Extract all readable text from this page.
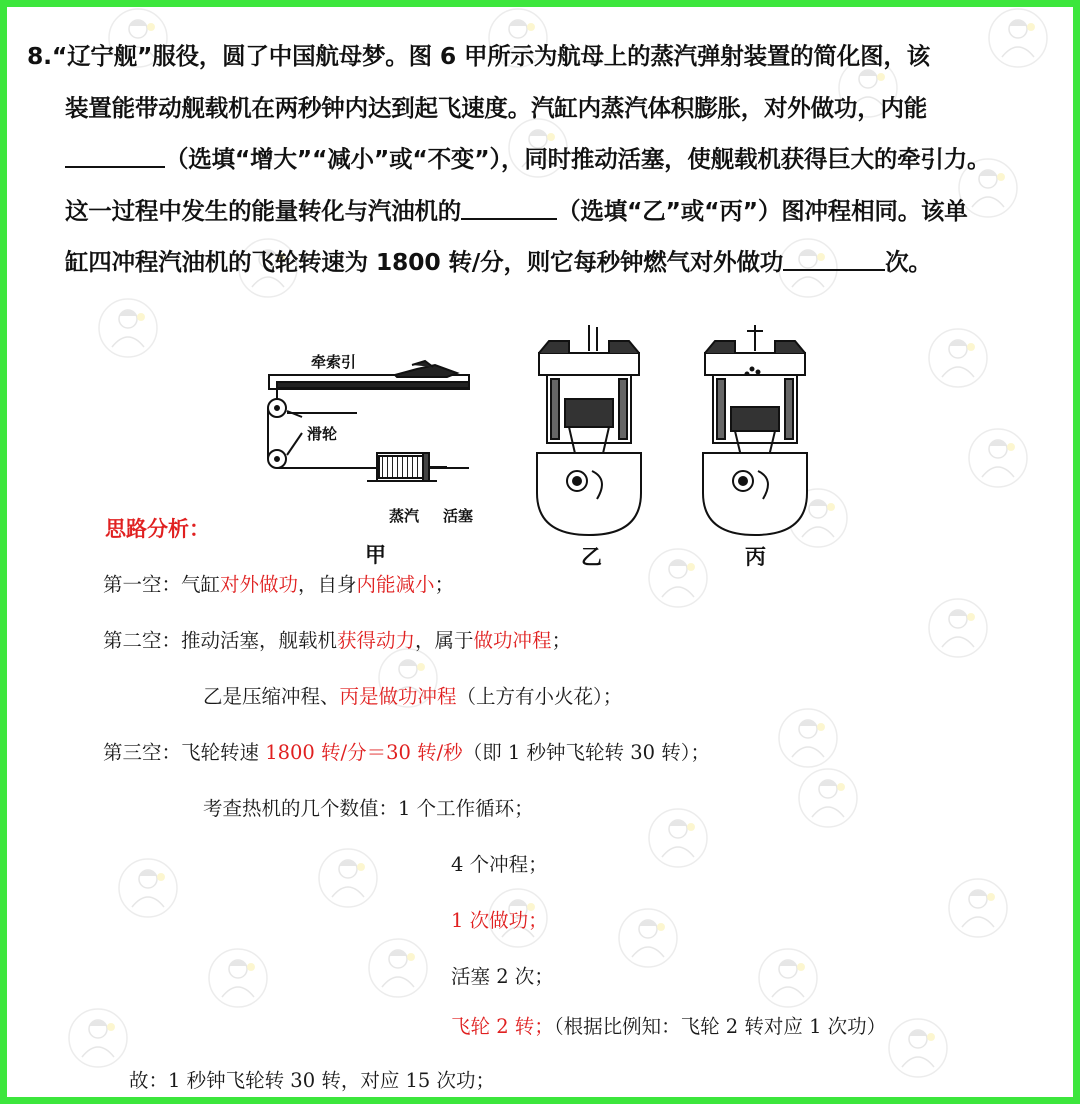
8.“辽宁舰”服役，圆了中国航母梦。图 6 甲所示为航母上的蒸汽弹射装置的简化图，该
装置能带动舰载机在两秒钟内达到起飞速度。汽缸内蒸汽体积膨胀，对外做功，内能
（选填“增大”“减小”或“不变”），同时推动活塞，使舰载机获得巨大的牵引力。
这一过程中发生的能量转化与汽油机的	（选填“乙”或“丙”）图冲程相同。该单
缸四冲程汽油机的飞轮转速为 1800 转/分，则它每秒钟燃气对外做功	次。
牵索引
滑轮
蒸汽 活塞
甲	乙	丙
思路分析：
第一空：气缸对外做功，自身内能减小；
第二空：推动活塞，舰载机获得动力，属于做功冲程；
乙是压缩冲程、丙是做功冲程（上方有小火花）；
第三空：飞轮转速 1800 转/分＝30 转/秒（即 1 秒钟飞轮转 30 转）；
考查热机的几个数值：1 个工作循环；
4 个冲程；
1 次做功；
活塞 2 次；
飞轮 2 转；（根据比例知：飞轮 2 转对应 1 次功）
故：1 秒钟飞轮转 30 转，对应 15 次功；
